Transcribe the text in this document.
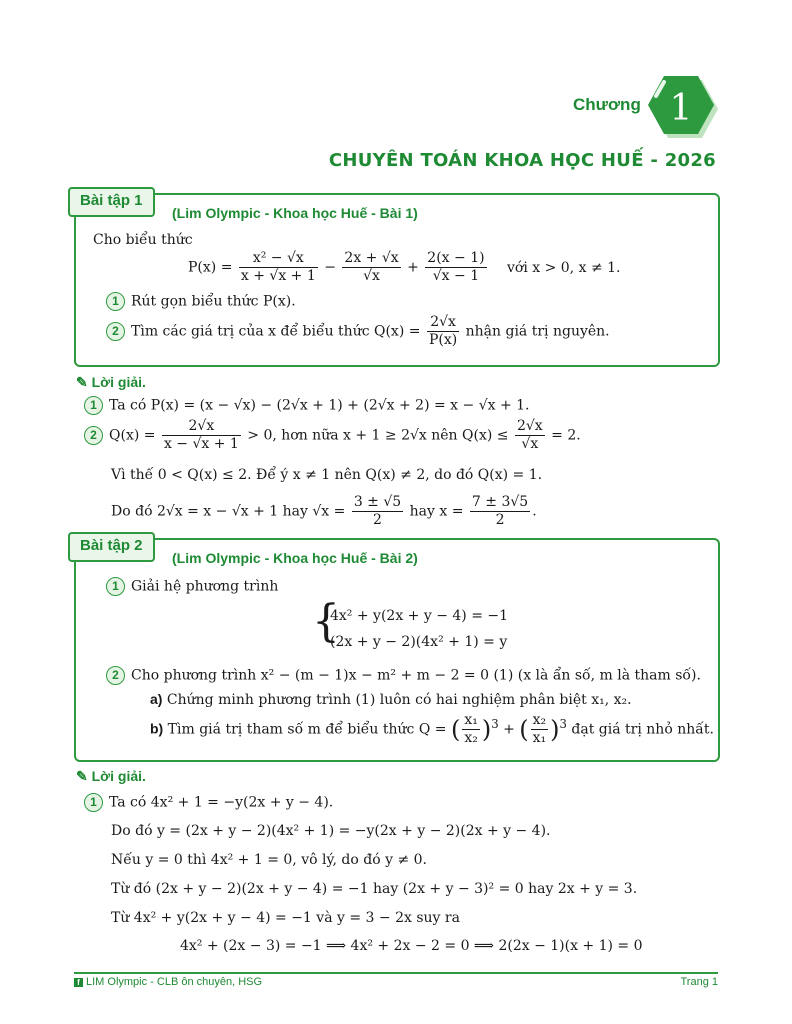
Chương 1
CHUYÊN TOÁN KHOA HỌC HUẾ - 2026
Bài tập 1
(Lim Olympic - Khoa học Huế - Bài 1)
Cho biểu thức
$P(x) = \frac{\text{x² − √x}}{x + √x + 1} - \frac{2x + √x}{√x} + \frac{2(x - 1)}{√x - 1}$ với x > 0, x ≠ 1.
1 Rút gọn biểu thức P(x).
2 Tìm các giá trị của x để biểu thức $Q(x) = \frac{2√x}{P(x)}$ nhận giá trị nguyên.
✎ Lời giải.
1 Ta có P(x) = (x − √x) − (2√x + 1) + (2√x + 2) = x − √x + 1.
2 $Q(x) = \frac{2√x}{x - √x + 1} > 0$, hơn nữa x + 1 ≥ 2√x nên $Q(x) \le \frac{2√x}{√x} = 2$.
Vì thế 0 < Q(x) ≤ 2. Để ý x ≠ 1 nên Q(x) ≠ 2, do đó Q(x) = 1.
Do đó 2√x = x − √x + 1 hay $√x = \frac{3 \pm √5}{2}$ hay $x = \frac{7 \pm 3√5}{2}$ .
Bài tập 2
(Lim Olympic - Khoa học Huế - Bài 2)
1 Giải hệ phương trình
{
4x² + y(2x + y − 4) = −1
(2x + y − 2)(4x² + 1) = y
2 Cho phương trình x² − (m − 1)x − m² + m − 2 = 0 (1) (x là ẩn số, m là tham số).
a) Chứng minh phương trình (1) luôn có hai nghiệm phân biệt x₁, x₂.
b) Tìm giá trị tham số m để biểu thức Q = ( $\frac{\text{x₁}}{\text{x₂}} )^3$ + ( $\frac{\text{x₂}}{\text{x₁}} )^3$ đạt giá trị nhỏ nhất.
✎ Lời giải.
1 Ta có 4x² + 1 = −y(2x + y − 4).
Do đó y = (2x + y − 2)(4x² + 1) = −y(2x + y − 2)(2x + y − 4).
Nếu y = 0 thì 4x² + 1 = 0, vô lý, do đó y ≠ 0.
Từ đó (2x + y − 2)(2x + y − 4) = −1 hay (2x + y − 3)² = 0 hay 2x + y = 3.
Từ 4x² + y(2x + y − 4) = −1 và y = 3 − 2x suy ra
4x² + (2x − 3) = −1 ⟹ 4x² + 2x − 2 = 0 ⟹ 2(2x − 1)(x + 1) = 0
f LIM Olympic - CLB ôn chuyên, HSG	Trang 1
